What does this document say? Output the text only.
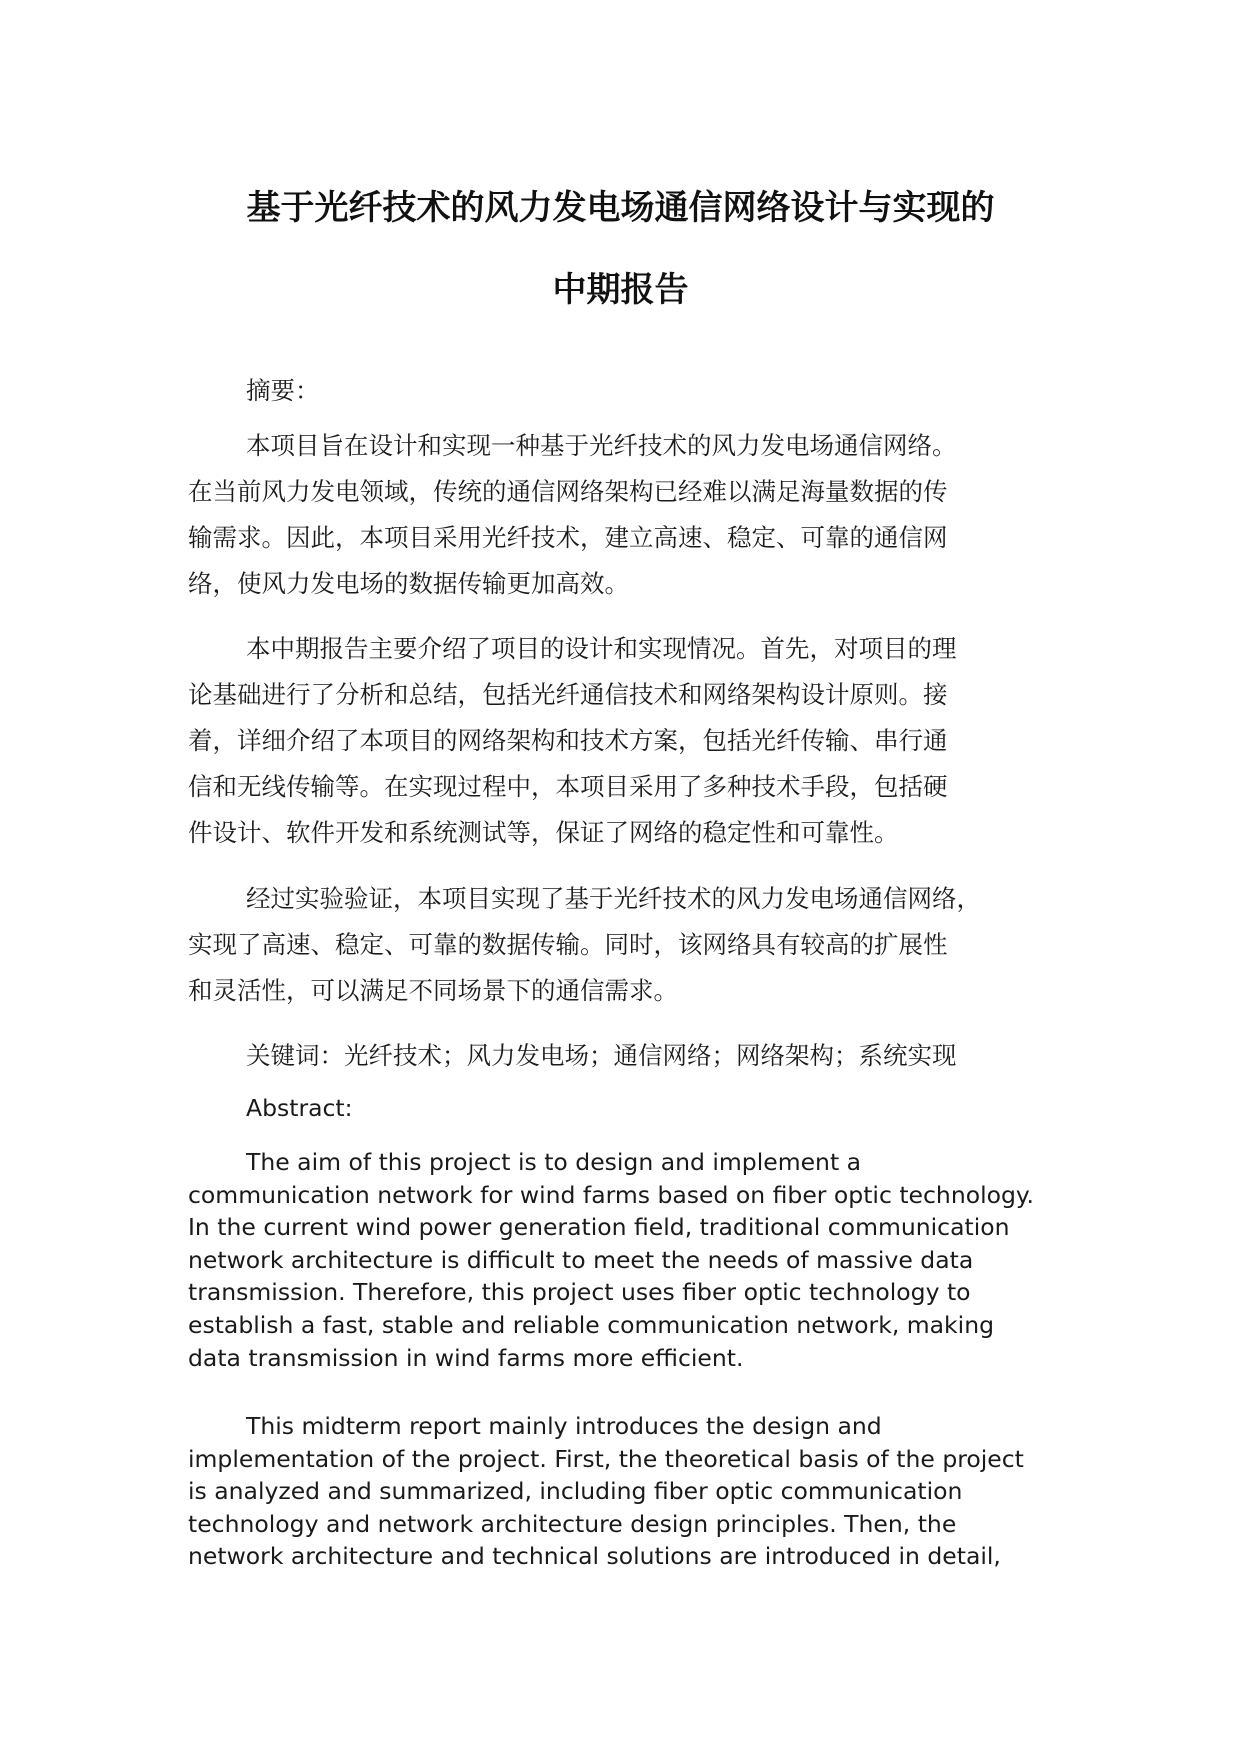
基于光纤技术的风力发电场通信网络设计与实现的
中期报告
摘要：
本项目旨在设计和实现一种基于光纤技术的风力发电场通信网络。
在当前风力发电领域，传统的通信网络架构已经难以满足海量数据的传
输需求。因此，本项目采用光纤技术，建立高速、稳定、可靠的通信网
络，使风力发电场的数据传输更加高效。
本中期报告主要介绍了项目的设计和实现情况。首先，对项目的理
论基础进行了分析和总结，包括光纤通信技术和网络架构设计原则。接
着，详细介绍了本项目的网络架构和技术方案，包括光纤传输、串行通
信和无线传输等。在实现过程中，本项目采用了多种技术手段，包括硬
件设计、软件开发和系统测试等，保证了网络的稳定性和可靠性。
经过实验验证，本项目实现了基于光纤技术的风力发电场通信网络，
实现了高速、稳定、可靠的数据传输。同时，该网络具有较高的扩展性
和灵活性，可以满足不同场景下的通信需求。
关键词：光纤技术；风力发电场；通信网络；网络架构；系统实现
Abstract:
The aim of this project is to design and implement a
communication network for wind farms based on fiber optic technology.
In the current wind power generation field, traditional communication
network architecture is difficult to meet the needs of massive data
transmission. Therefore, this project uses fiber optic technology to
establish a fast, stable and reliable communication network, making
data transmission in wind farms more efficient.
This midterm report mainly introduces the design and
implementation of the project. First, the theoretical basis of the project
is analyzed and summarized, including fiber optic communication
technology and network architecture design principles. Then, the
network architecture and technical solutions are introduced in detail,
